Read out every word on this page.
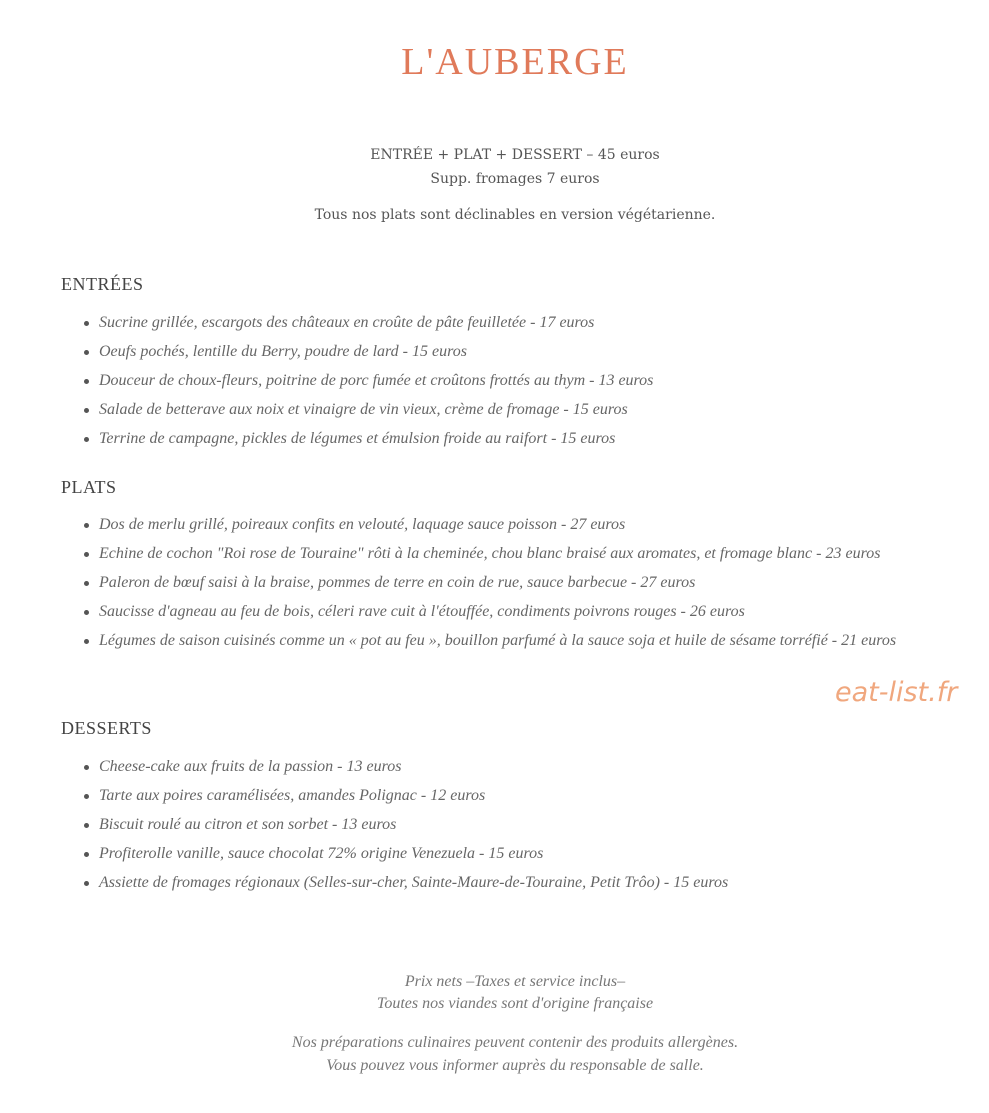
L'AUBERGE
ENTRÉE + PLAT + DESSERT – 45 euros
Supp. fromages 7 euros
Tous nos plats sont déclinables en version végétarienne.
ENTRÉES
Sucrine grillée, escargots des châteaux en croûte de pâte feuilletée - 17 euros
Oeufs pochés, lentille du Berry, poudre de lard - 15 euros
Douceur de choux-fleurs, poitrine de porc fumée et croûtons frottés au thym - 13 euros
Salade de betterave aux noix et vinaigre de vin vieux, crème de fromage - 15 euros
Terrine de campagne, pickles de légumes et émulsion froide au raifort - 15 euros
PLATS
Dos de merlu grillé, poireaux confits en velouté, laquage sauce poisson - 27 euros
Echine de cochon "Roi rose de Touraine" rôti à la cheminée, chou blanc braisé aux aromates, et fromage blanc - 23 euros
Paleron de bœuf saisi à la braise, pommes de terre en coin de rue, sauce barbecue - 27 euros
Saucisse d'agneau au feu de bois, céleri rave cuit à l'étouffée, condiments poivrons rouges - 26 euros
Légumes de saison cuisinés comme un « pot au feu », bouillon parfumé à la sauce soja et huile de sésame torréfié - 21 euros
eat-list.fr
DESSERTS
Cheese-cake aux fruits de la passion - 13 euros
Tarte aux poires caramélisées, amandes Polignac - 12 euros
Biscuit roulé au citron et son sorbet - 13 euros
Profiterolle vanille, sauce chocolat 72% origine Venezuela - 15 euros
Assiette de fromages régionaux (Selles-sur-cher, Sainte-Maure-de-Touraine, Petit Trôo) - 15 euros
Prix nets –Taxes et service inclus–
Toutes nos viandes sont d'origine française
Nos préparations culinaires peuvent contenir des produits allergènes.
Vous pouvez vous informer auprès du responsable de salle.
